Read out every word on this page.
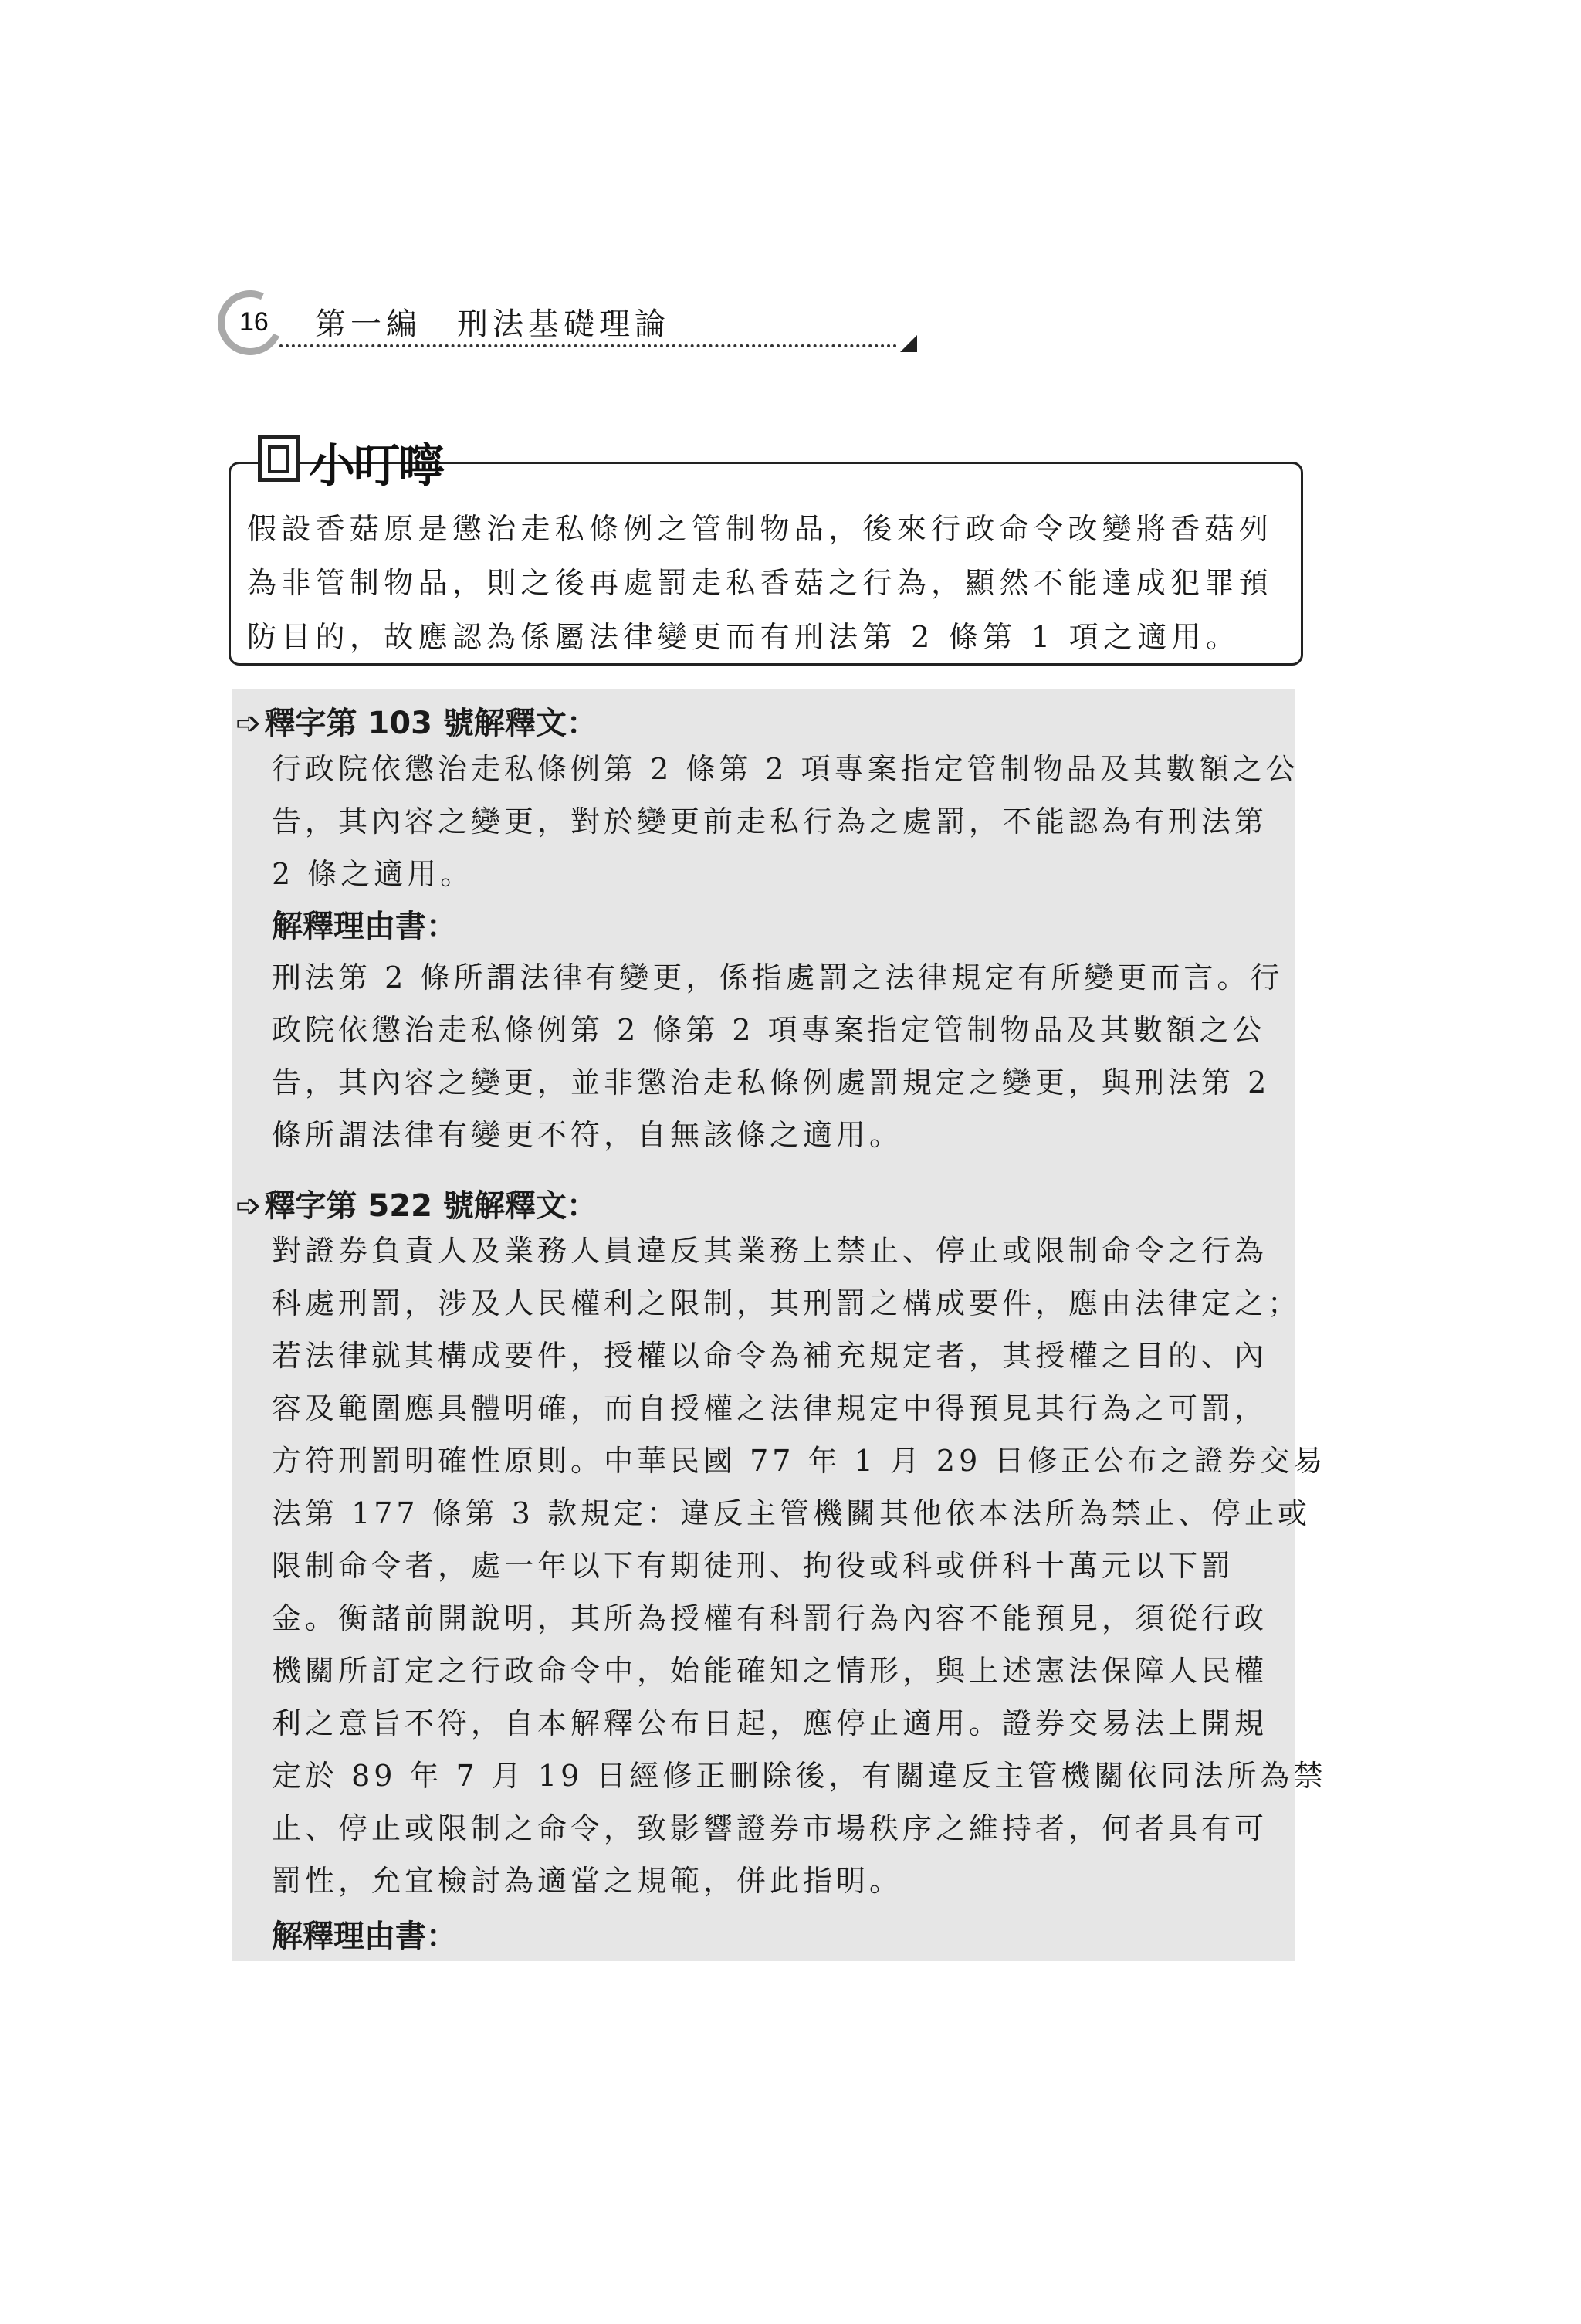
16 第一編　刑法基礎理論
小叮嚀

假設香菇原是懲治走私條例之管制物品，後來行政命令改變將香菇列

為非管制物品，則之後再處罰走私香菇之行為，顯然不能達成犯罪預

防目的，故應認為係屬法律變更而有刑法第 2 條第 1 項之適用。

➩ 釋字第 103 號解釋文：

行政院依懲治走私條例第 2 條第 2 項專案指定管制物品及其數額之公

告，其內容之變更，對於變更前走私行為之處罰，不能認為有刑法第

2 條之適用。

解釋理由書：

刑法第 2 條所謂法律有變更，係指處罰之法律規定有所變更而言。行

政院依懲治走私條例第 2 條第 2 項專案指定管制物品及其數額之公

告，其內容之變更，並非懲治走私條例處罰規定之變更，與刑法第 2

條所謂法律有變更不符，自無該條之適用。

➩ 釋字第 522 號解釋文：

對證券負責人及業務人員違反其業務上禁止、停止或限制命令之行為

科處刑罰，涉及人民權利之限制，其刑罰之構成要件，應由法律定之；

若法律就其構成要件，授權以命令為補充規定者，其授權之目的、內

容及範圍應具體明確，而自授權之法律規定中得預見其行為之可罰，

方符刑罰明確性原則。中華民國 77 年 1 月 29 日修正公布之證券交易

法第 177 條第 3 款規定：違反主管機關其他依本法所為禁止、停止或

限制命令者，處一年以下有期徒刑、拘役或科或併科十萬元以下罰

金。衡諸前開說明，其所為授權有科罰行為內容不能預見，須從行政

機關所訂定之行政命令中，始能確知之情形，與上述憲法保障人民權

利之意旨不符，自本解釋公布日起，應停止適用。證券交易法上開規

定於 89 年 7 月 19 日經修正刪除後，有關違反主管機關依同法所為禁

止、停止或限制之命令，致影響證券市場秩序之維持者，何者具有可

罰性，允宜檢討為適當之規範，併此指明。

解釋理由書：
